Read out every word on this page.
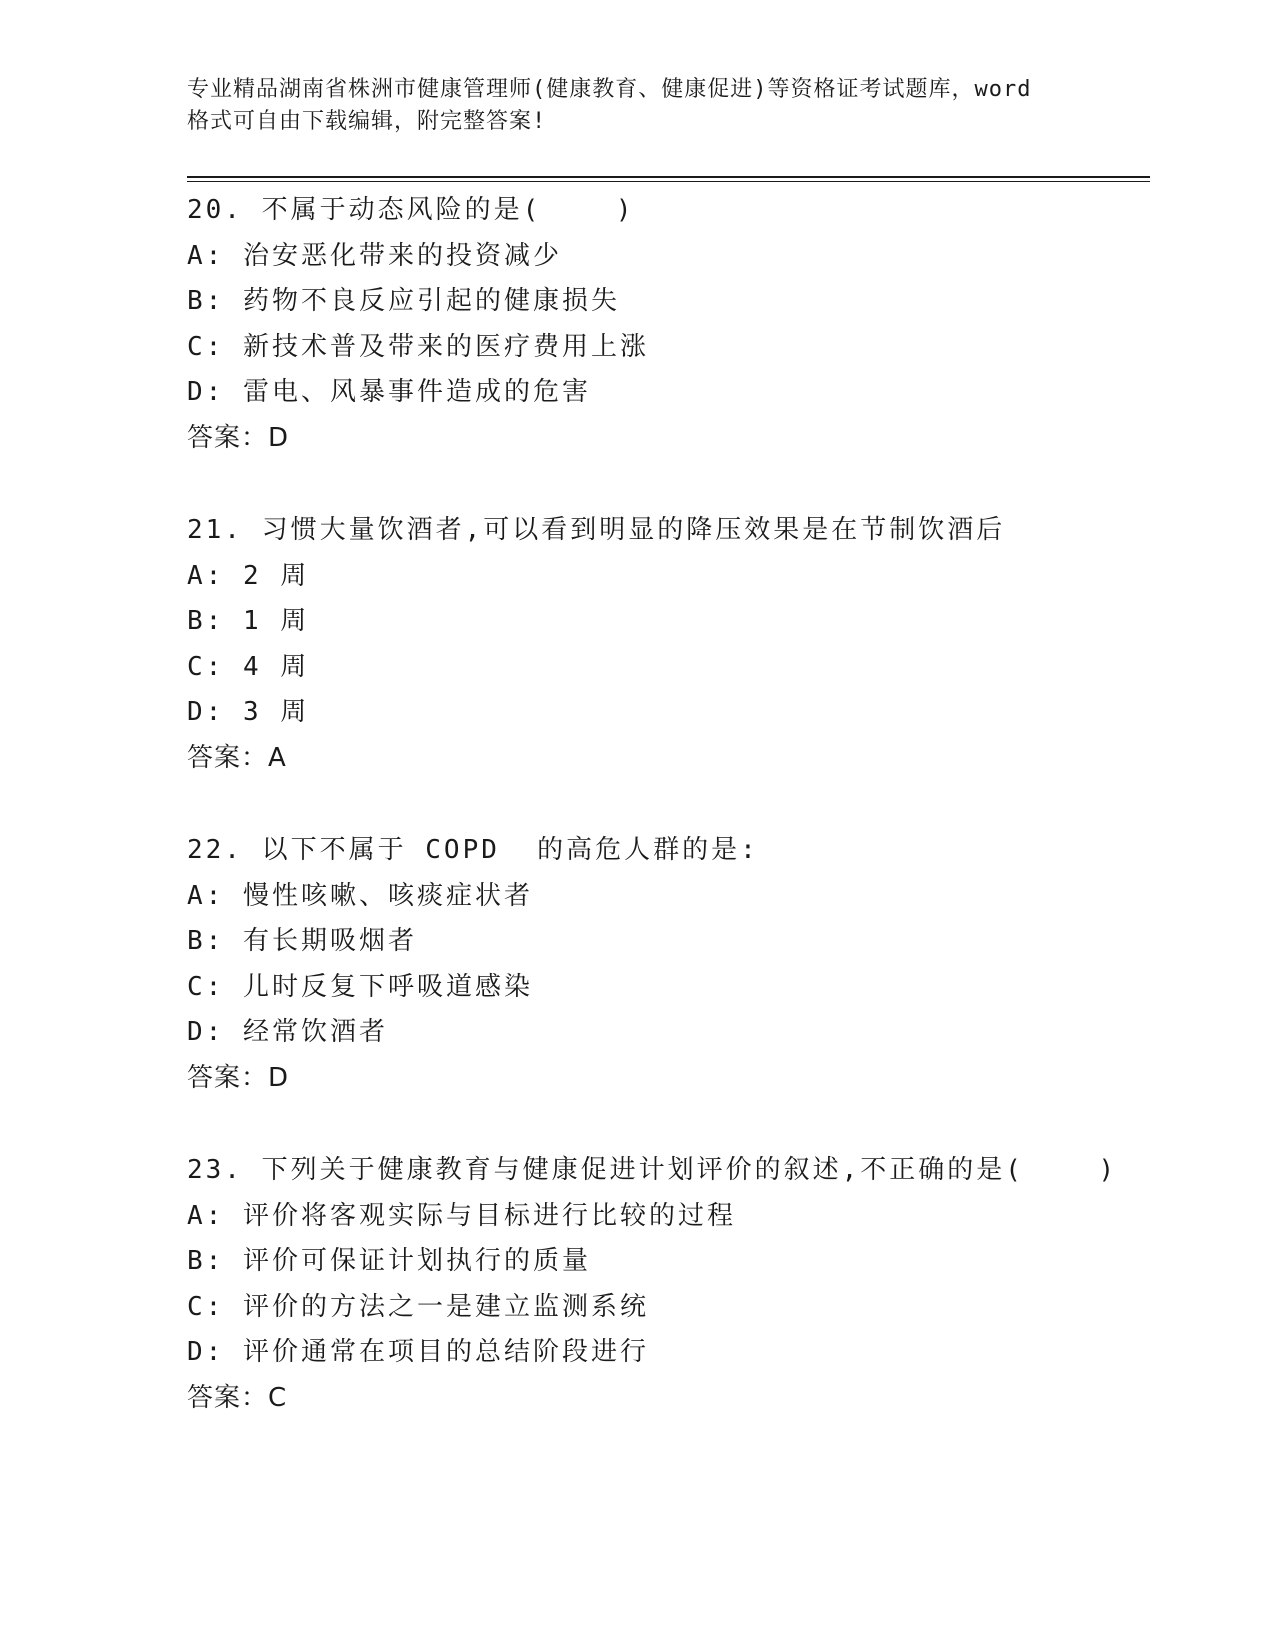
专业精品湖南省株洲市健康管理师(健康教育、健康促进)等资格证考试题库，word
格式可自由下载编辑，附完整答案!
20. 不属于动态风险的是(    )
A: 治安恶化带来的投资减少
B: 药物不良反应引起的健康损失
C: 新技术普及带来的医疗费用上涨
D: 雷电、风暴事件造成的危害
答案：D
21. 习惯大量饮酒者,可以看到明显的降压效果是在节制饮酒后
A: 2 周
B: 1 周
C: 4 周
D: 3 周
答案：A
22. 以下不属于 COPD  的高危人群的是:
A: 慢性咳嗽、咳痰症状者
B: 有长期吸烟者
C: 儿时反复下呼吸道感染
D: 经常饮酒者
答案：D
23. 下列关于健康教育与健康促进计划评价的叙述,不正确的是(    )
A: 评价将客观实际与目标进行比较的过程
B: 评价可保证计划执行的质量
C: 评价的方法之一是建立监测系统
D: 评价通常在项目的总结阶段进行
答案：C
